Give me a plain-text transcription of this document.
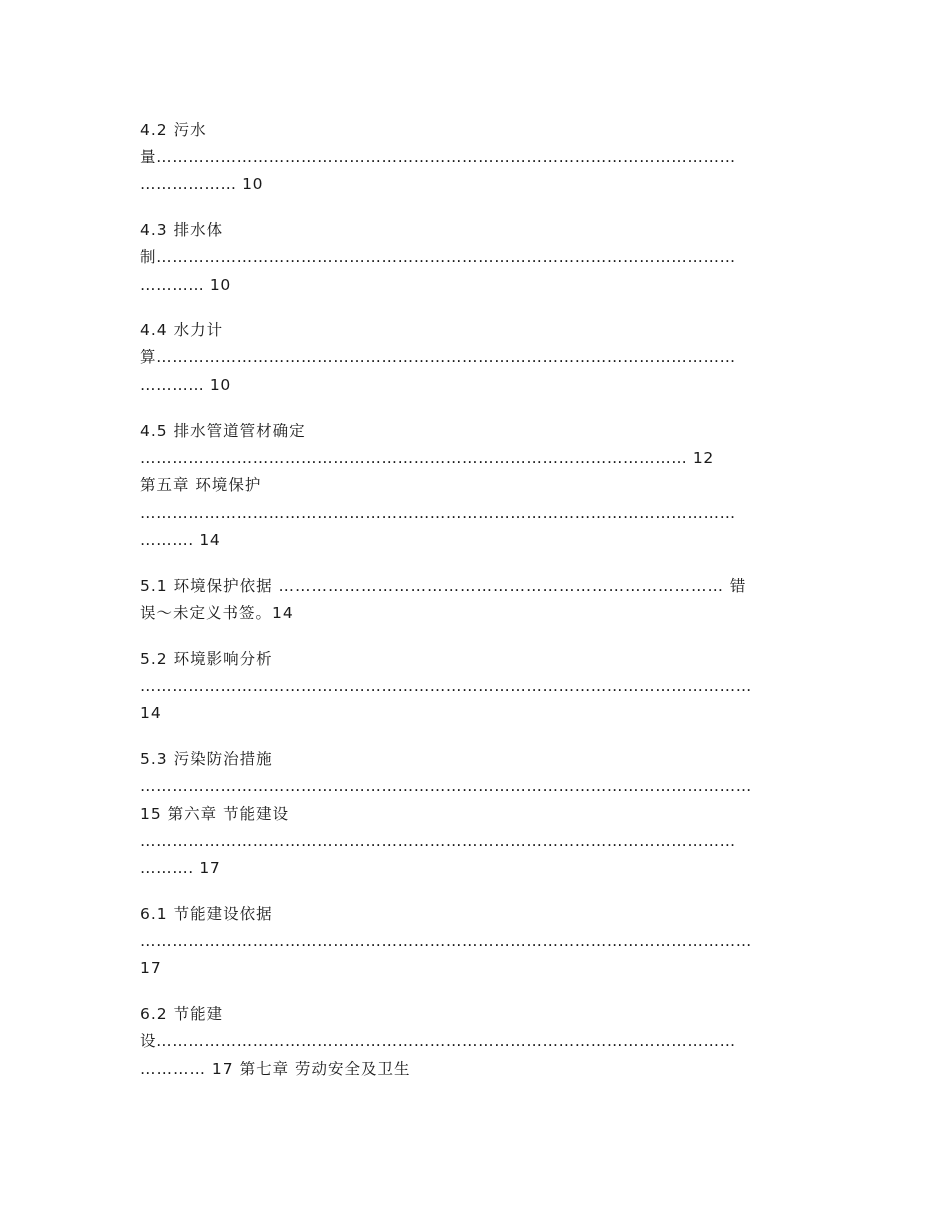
4.2 污水
量………………………………………………………………………………………………
……………… 10
4.3 排水体
制………………………………………………………………………………………………
………… 10
4.4 水力计
算………………………………………………………………………………………………
………… 10
4.5 排水管道管材确定
………………………………………………………………………………………… 12
第五章 环境保护
…………………………………………………………………………………………………
………. 14
5.1 环境保护依据 ……………………………………………………………………… 错
误～未定义书签。14
5.2 环境影响分析
……………………………………………………………………………………………………
14
5.3 污染防治措施
……………………………………………………………………………………………………
15 第六章 节能建设
…………………………………………………………………………………………………
………. 17
6.1 节能建设依据
……………………………………………………………………………………………………
17
6.2 节能建
设………………………………………………………………………………………………
………… 17 第七章 劳动安全及卫生
